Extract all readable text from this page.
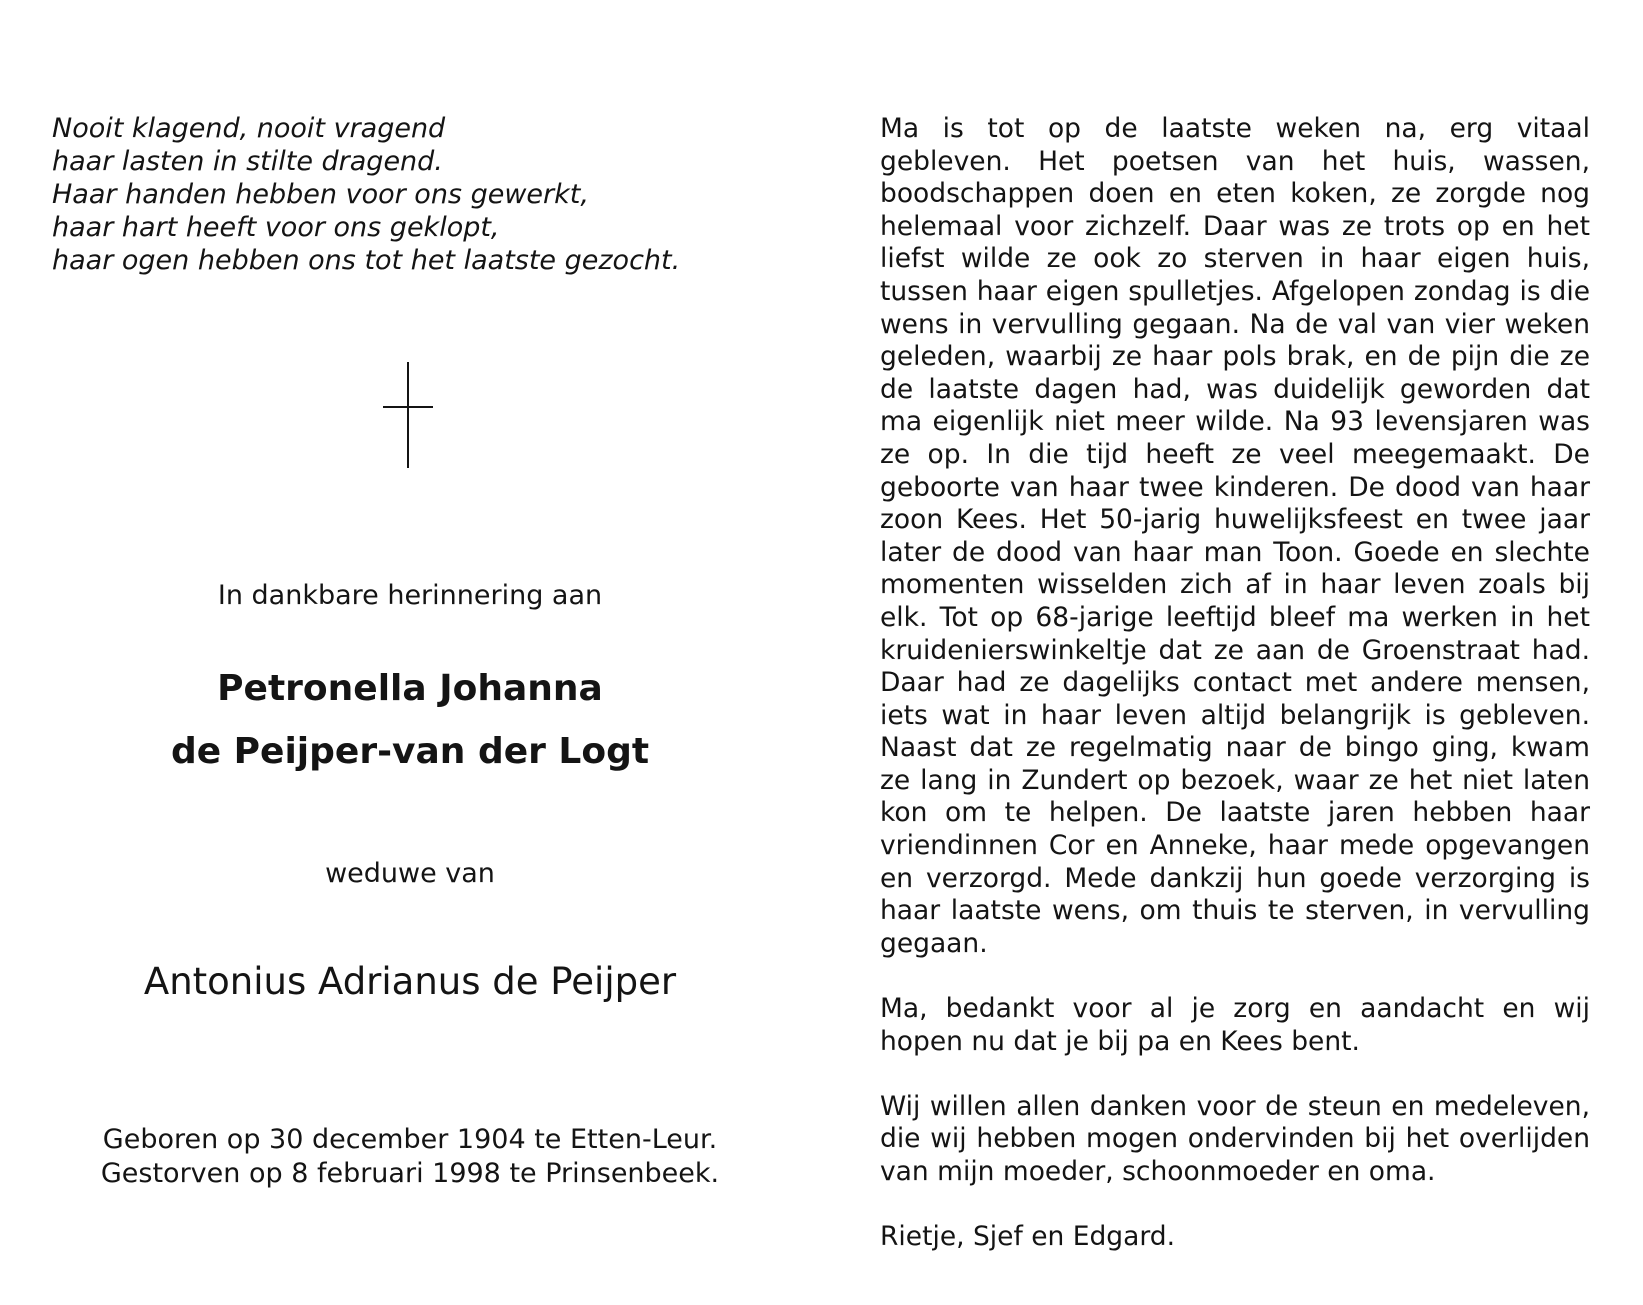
Nooit klagend, nooit vragend
haar lasten in stilte dragend.
Haar handen hebben voor ons gewerkt,
haar hart heeft voor ons geklopt,
haar ogen hebben ons tot het laatste gezocht.
In dankbare herinnering aan
Petronella Johanna
de Peijper-van der Logt
weduwe van
Antonius Adrianus de Peijper
Geboren op 30 december 1904 te Etten-Leur.
Gestorven op 8 februari 1998 te Prinsenbeek.

Ma is tot op de laatste weken na, erg vitaal gebleven. Het poetsen van het huis, wassen, boodschappen doen en eten koken, ze zorgde nog helemaal voor zichzelf. Daar was ze trots op en het liefst wilde ze ook zo sterven in haar eigen huis, tussen haar eigen spulletjes. Afgelopen zondag is die wens in vervulling gegaan. Na de val van vier weken geleden, waarbij ze haar pols brak, en de pijn die ze de laatste dagen had, was duidelijk geworden dat ma eigenlijk niet meer wilde. Na 93 levensjaren was ze op. In die tijd heeft ze veel meegemaakt. De geboorte van haar twee kinderen. De dood van haar zoon Kees. Het 50-jarig huwelijksfeest en twee jaar later de dood van haar man Toon. Goede en slechte momenten wisselden zich af in haar leven zoals bij elk. Tot op 68-jarige leeftijd bleef ma werken in het kruidenierswinkeltje dat ze aan de Groenstraat had. Daar had ze dagelijks contact met andere mensen, iets wat in haar leven altijd belangrijk is gebleven. Naast dat ze regelmatig naar de bingo ging, kwam ze lang in Zundert op bezoek, waar ze het niet laten kon om te helpen. De laatste jaren hebben haar vriendinnen Cor en Anneke, haar mede opgevangen en verzorgd. Mede dankzij hun goede verzorging is haar laatste wens, om thuis te sterven, in vervulling gegaan.

Ma, bedankt voor al je zorg en aandacht en wij hopen nu dat je bij pa en Kees bent.

Wij willen allen danken voor de steun en medeleven, die wij hebben mogen ondervinden bij het overlijden van mijn moeder, schoonmoeder en oma.

Rietje, Sjef en Edgard.
